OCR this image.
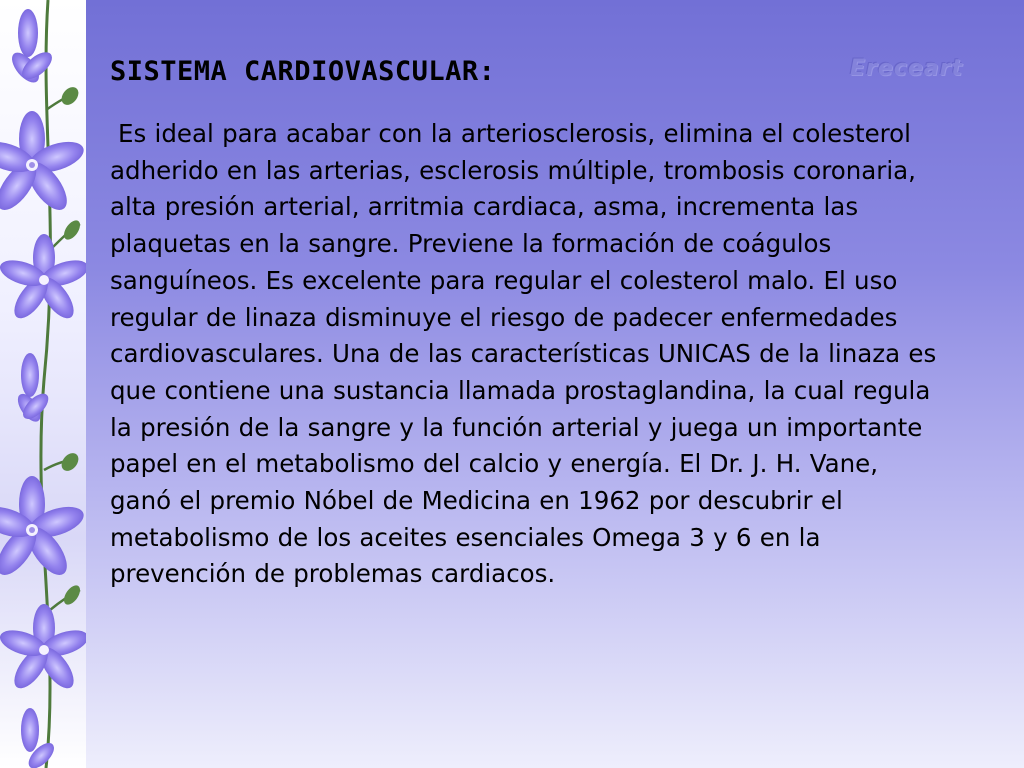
Ereceart
SISTEMA CARDIOVASCULAR:

Es ideal para acabar con la arteriosclerosis, elimina el colesterol adherido en las arterias, esclerosis múltiple, trombosis coronaria, alta presión arterial, arritmia cardiaca, asma, incrementa las plaquetas en la sangre. Previene la formación de coágulos sanguíneos. Es excelente para regular el colesterol malo. El uso regular de linaza disminuye el riesgo de padecer enfermedades cardiovasculares. Una de las características UNICAS de la linaza es que contiene una sustancia llamada prostaglandina, la cual regula la presión de la sangre y la función arterial y juega un importante papel en el metabolismo del calcio y energía. El Dr. J. H. Vane, ganó el premio Nóbel de Medicina en 1962 por descubrir el metabolismo de los aceites esenciales Omega 3 y 6 en la prevención de problemas cardiacos.
